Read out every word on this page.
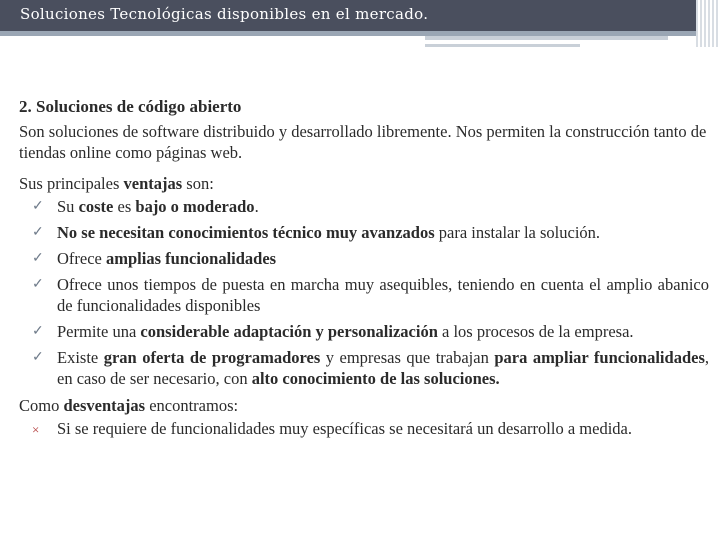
Soluciones Tecnológicas disponibles en el mercado.

2. Soluciones de código abierto

Son soluciones de software distribuido y desarrollado libremente. Nos permiten la construcción tanto de tiendas online como páginas web.

Sus principales ventajas son:

✓ Su coste es bajo o moderado.
✓ No se necesitan conocimientos técnico muy avanzados para instalar la solución.
✓ Ofrece amplias funcionalidades
✓ Ofrece unos tiempos de puesta en marcha muy asequibles, teniendo en cuenta el amplio abanico de funcionalidades disponibles
✓ Permite una considerable adaptación y personalización a los procesos de la empresa.
✓ Existe gran oferta de programadores y empresas que trabajan para ampliar funcionalidades, en caso de ser necesario, con alto conocimiento de las soluciones.

Como desventajas encontramos:

× Si se requiere de funcionalidades muy específicas se necesitará un desarrollo a medida.
